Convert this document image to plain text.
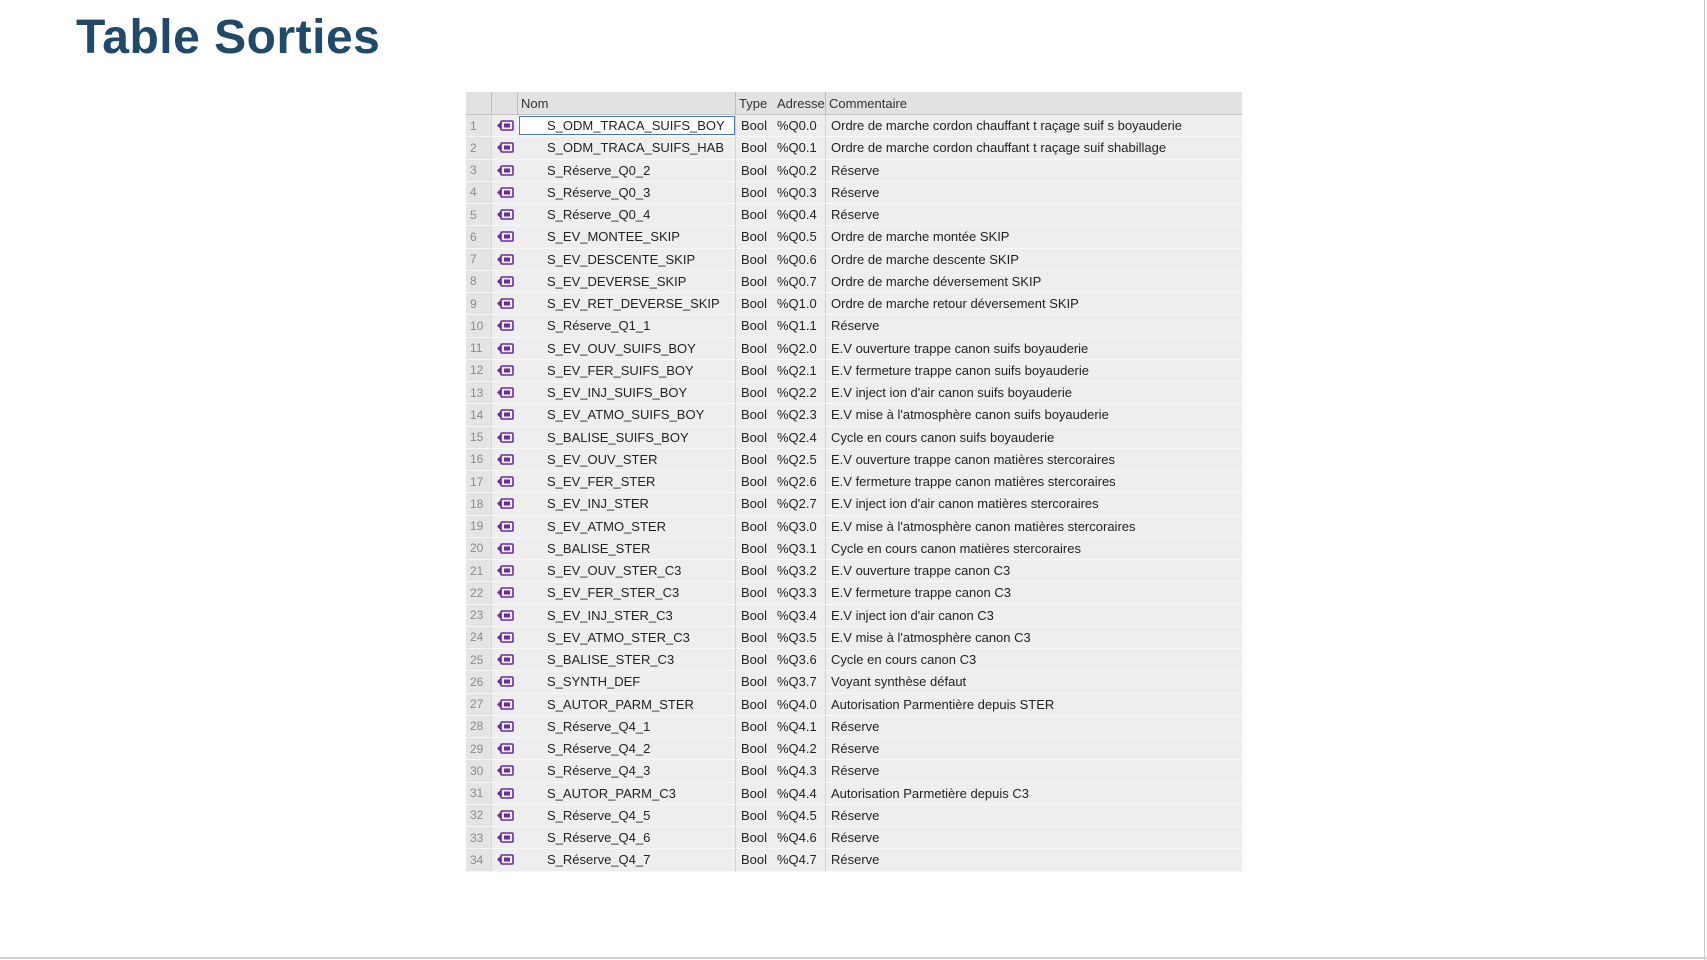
Table Sorties
Nom	Type Adresse Commentaire
1	S_ODM_TRACA_SUIFS_BOY	Bool %Q0.0	Ordre de marche cordon chauffant t raçage suif s boyauderie
2	S_ODM_TRACA_SUIFS_HAB	Bool %Q0.1	Ordre de marche cordon chauffant t raçage suif shabillage
3	S_Réserve_Q0_2	Bool %Q0.2	Réserve
4	S_Réserve_Q0_3	Bool %Q0.3	Réserve
5	S_Réserve_Q0_4	Bool %Q0.4	Réserve
6	S_EV_MONTEE_SKIP	Bool %Q0.5	Ordre de marche montée SKIP
7	S_EV_DESCENTE_SKIP	Bool %Q0.6	Ordre de marche descente SKIP
8	S_EV_DEVERSE_SKIP	Bool %Q0.7	Ordre de marche déversement SKIP
9	S_EV_RET_DEVERSE_SKIP	Bool %Q1.0	Ordre de marche retour déversement SKIP
10	S_Réserve_Q1_1	Bool %Q1.1	Réserve
11	S_EV_OUV_SUIFS_BOY	Bool %Q2.0	E.V ouverture trappe canon suifs boyauderie
12	S_EV_FER_SUIFS_BOY	Bool %Q2.1	E.V fermeture trappe canon suifs boyauderie
13	S_EV_INJ_SUIFS_BOY	Bool %Q2.2	E.V inject ion d'air canon suifs boyauderie
14	S_EV_ATMO_SUIFS_BOY	Bool %Q2.3	E.V mise à l'atmosphère canon suifs boyauderie
15	S_BALISE_SUIFS_BOY	Bool %Q2.4	Cycle en cours canon suifs boyauderie
16	S_EV_OUV_STER	Bool %Q2.5	E.V ouverture trappe canon matières stercoraires
17	S_EV_FER_STER	Bool %Q2.6	E.V fermeture trappe canon matières stercoraires
18	S_EV_INJ_STER	Bool %Q2.7	E.V inject ion d'air canon matières stercoraires
19	S_EV_ATMO_STER	Bool %Q3.0	E.V mise à l'atmosphère canon matières stercoraires
20	S_BALISE_STER	Bool %Q3.1	Cycle en cours canon matières stercoraires
21	S_EV_OUV_STER_C3	Bool %Q3.2	E.V ouverture trappe canon C3
22	S_EV_FER_STER_C3	Bool %Q3.3	E.V fermeture trappe canon C3
23	S_EV_INJ_STER_C3	Bool %Q3.4	E.V inject ion d'air canon C3
24	S_EV_ATMO_STER_C3	Bool %Q3.5	E.V mise à l'atmosphère canon C3
25	S_BALISE_STER_C3	Bool %Q3.6	Cycle en cours canon C3
26	S_SYNTH_DEF	Bool %Q3.7	Voyant synthèse défaut
27	S_AUTOR_PARM_STER	Bool %Q4.0	Autorisation Parmentière depuis STER
28	S_Réserve_Q4_1	Bool %Q4.1	Réserve
29	S_Réserve_Q4_2	Bool %Q4.2	Réserve
30	S_Réserve_Q4_3	Bool %Q4.3	Réserve
31	S_AUTOR_PARM_C3	Bool %Q4.4	Autorisation Parmetière depuis C3
32	S_Réserve_Q4_5	Bool %Q4.5	Réserve
33	S_Réserve_Q4_6	Bool %Q4.6	Réserve
34	S_Réserve_Q4_7	Bool %Q4.7	Réserve
